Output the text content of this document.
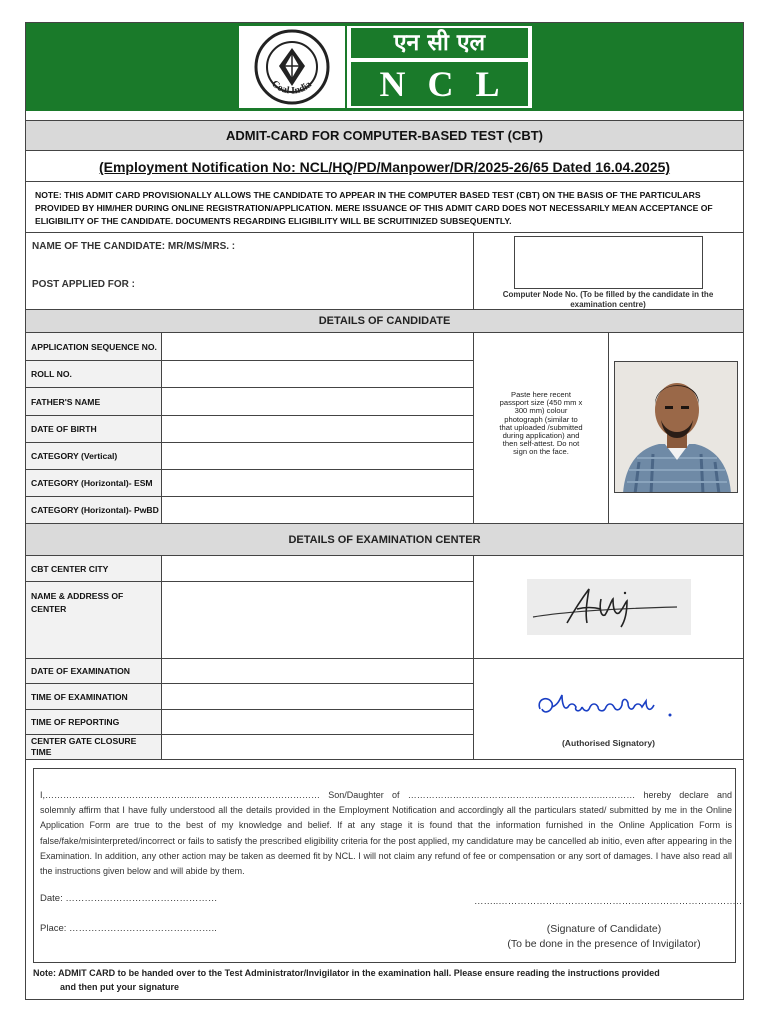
Coal India
एन सी एल
NCL
ADMIT-CARD FOR COMPUTER-BASED TEST (CBT)
(Employment Notification No: NCL/HQ/PD/Manpower/DR/2025-26/65 Dated 16.04.2025)
NOTE: THIS ADMIT CARD PROVISIONALLY ALLOWS THE CANDIDATE TO APPEAR IN THE COMPUTER BASED TEST (CBT) ON THE BASIS OF THE PARTICULARS PROVIDED BY HIM/HER DURING ONLINE REGISTRATION/APPLICATION. MERE ISSUANCE OF THIS ADMIT CARD DOES NOT NECESSARILY MEAN ACCEPTANCE OF ELIGIBILITY OF THE CANDIDATE. DOCUMENTS REGARDING ELIGIBILITY WILL BE SCRUITINIZED SUBSEQUENTLY.
NAME OF THE CANDIDATE: MR/MS/MRS. :
POST APPLIED FOR :
Computer Node No. (To be filled by the candidate in the examination centre)
DETAILS OF CANDIDATE
APPLICATION SEQUENCE NO.
ROLL NO.
FATHER'S NAME
DATE OF BIRTH
CATEGORY (Vertical)
CATEGORY (Horizontal)- ESM
CATEGORY (Horizontal)- PwBD
Paste here recent passport size (450 mm x 300 mm) colour photograph (similar to that uploaded /submitted during application) and then self-attest. Do not sign on the face.
DETAILS OF EXAMINATION CENTER
CBT CENTER CITY
NAME & ADDRESS OF CENTER
DATE OF EXAMINATION
TIME OF EXAMINATION
TIME OF REPORTING
CENTER GATE CLOSURE TIME
(Authorised Signatory)
I,…………………………………………..…………………………………… Son/Daughter of ……………………………………………………….………… hereby declare and solemnly affirm that I have fully understood all the details provided in the Employment Notification and accordingly all the particulars stated/ submitted by me in the Online Application Form are true to the best of my knowledge and belief. If at any stage it is found that the information furnished in the Online Application Form is false/fake/misinterpreted/incorrect or fails to satisfy the prescribed eligibility criteria for the post applied, my candidature may be cancelled ab initio, even after appearing in the Examination. In addition, any other action may be taken as deemed fit by NCL. I will not claim any refund of fee or compensation or any sort of damages. I have also read all the instructions given below and will abide by them.
Date: …………………………………………
Place: ………………………………………..
……..……………………………………………………………………
(Signature of Candidate)
(To be done in the presence of Invigilator)
Note: ADMIT CARD to be handed over to the Test Administrator/Invigilator in the examination hall. Please ensure reading the instructions provided
and then put your signature
